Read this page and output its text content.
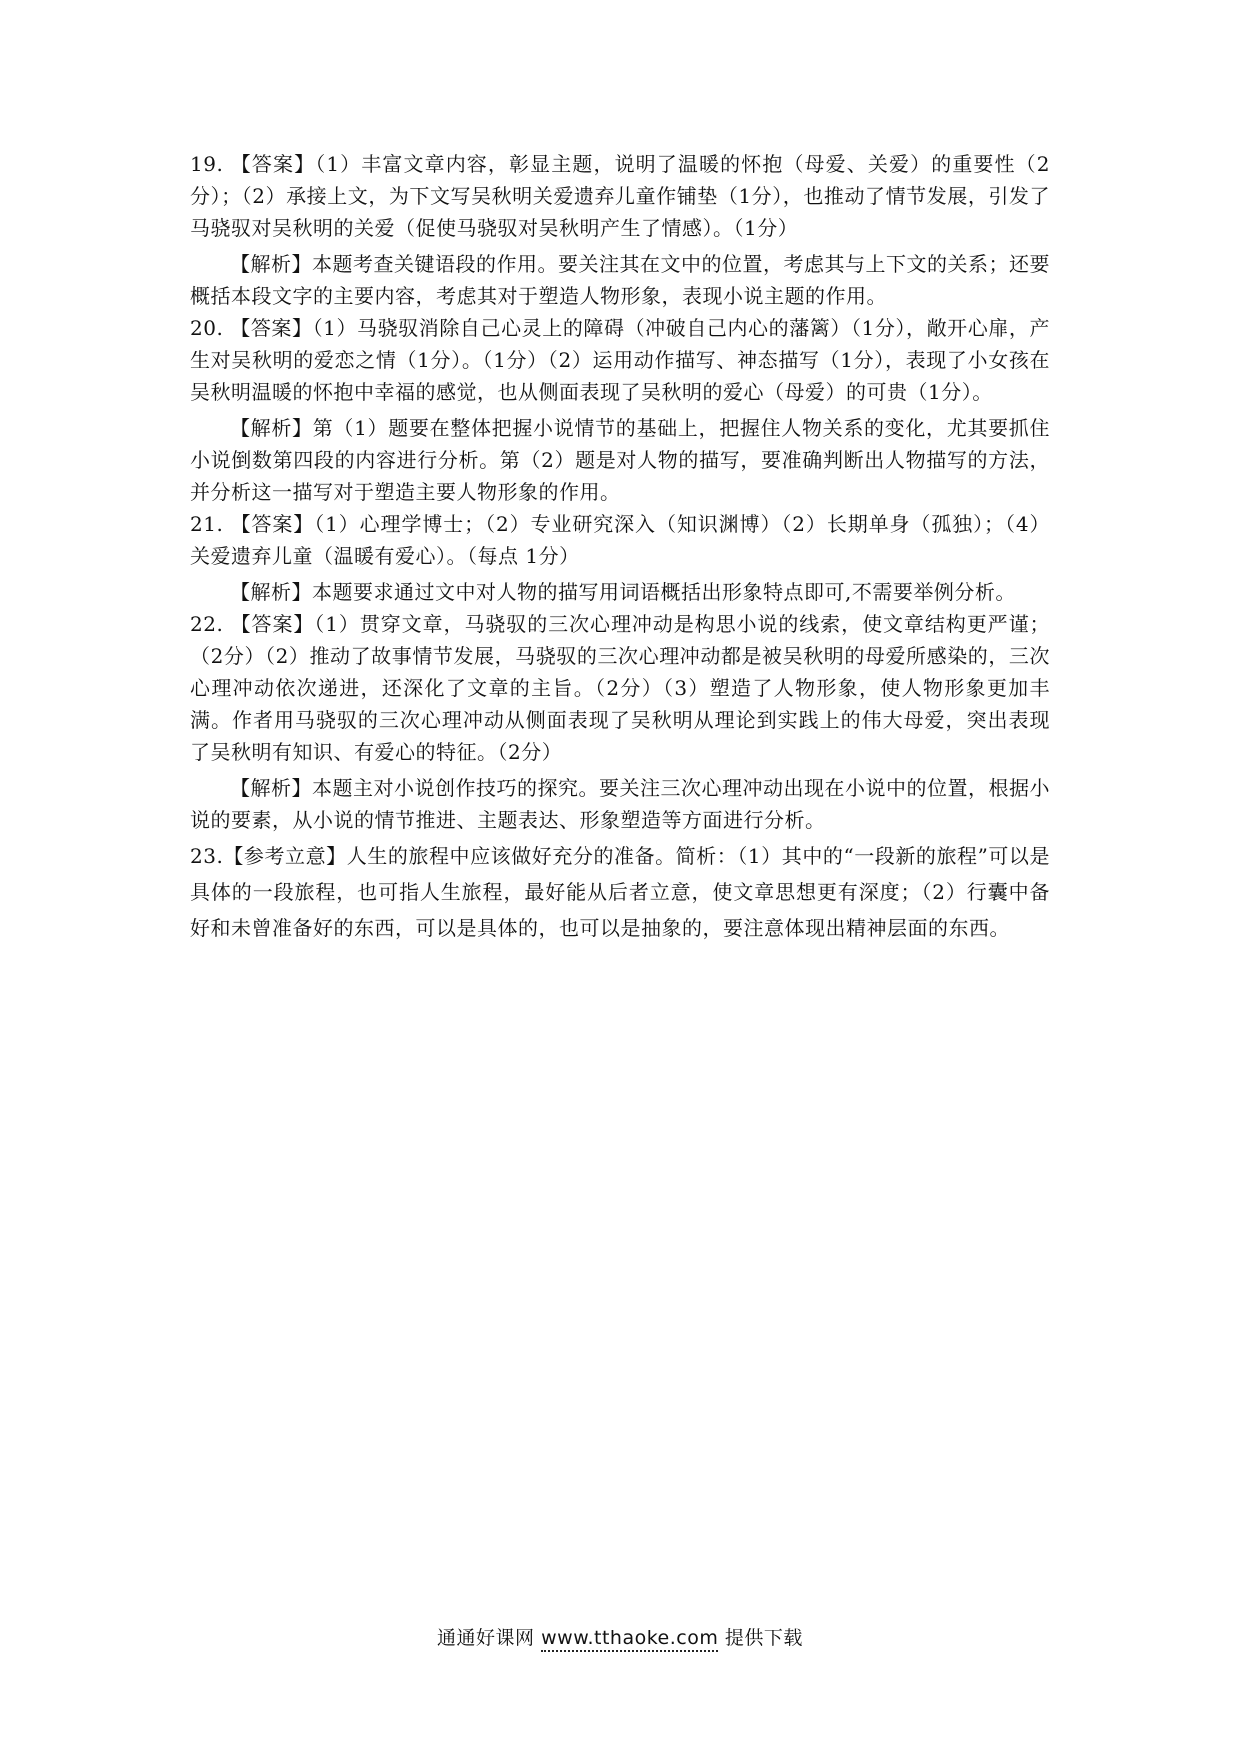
19. 【答案】（1）丰富文章内容，彰显主题，说明了温暖的怀抱（母爱、关爱）的重要性（2分）；（2）承接上文，为下文写吴秋明关爱遗弃儿童作铺垫（1分），也推动了情节发展，引发了马骁驭对吴秋明的关爱（促使马骁驭对吴秋明产生了情感）。（1分）

【解析】本题考查关键语段的作用。要关注其在文中的位置，考虑其与上下文的关系；还要概括本段文字的主要内容，考虑其对于塑造人物形象，表现小说主题的作用。

20. 【答案】（1）马骁驭消除自己心灵上的障碍（冲破自己内心的藩篱）（1分），敞开心扉，产生对吴秋明的爱恋之情（1分）。（1分）（2）运用动作描写、神态描写（1分），表现了小女孩在吴秋明温暖的怀抱中幸福的感觉，也从侧面表现了吴秋明的爱心（母爱）的可贵（1分）。

【解析】第（1）题要在整体把握小说情节的基础上，把握住人物关系的变化，尤其要抓住小说倒数第四段的内容进行分析。第（2）题是对人物的描写，要准确判断出人物描写的方法，并分析这一描写对于塑造主要人物形象的作用。

21. 【答案】（1）心理学博士；（2）专业研究深入（知识渊博）（2）长期单身（孤独）；（4）关爱遗弃儿童（温暖有爱心）。（每点 1分）

【解析】本题要求通过文中对人物的描写用词语概括出形象特点即可,不需要举例分析。

22. 【答案】（1）贯穿文章，马骁驭的三次心理冲动是构思小说的线索，使文章结构更严谨；（2分）（2）推动了故事情节发展，马骁驭的三次心理冲动都是被吴秋明的母爱所感染的，三次心理冲动依次递进，还深化了文章的主旨。（2分）（3）塑造了人物形象，使人物形象更加丰满。作者用马骁驭的三次心理冲动从侧面表现了吴秋明从理论到实践上的伟大母爱，突出表现了吴秋明有知识、有爱心的特征。（2分）

【解析】本题主对小说创作技巧的探究。要关注三次心理冲动出现在小说中的位置，根据小说的要素，从小说的情节推进、主题表达、形象塑造等方面进行分析。

23.【参考立意】人生的旅程中应该做好充分的准备。简析：（1）其中的“一段新的旅程”可以是具体的一段旅程，也可指人生旅程，最好能从后者立意，使文章思想更有深度；（2）行囊中备好和未曾准备好的东西，可以是具体的，也可以是抽象的，要注意体现出精神层面的东西。

通通好课网 www.tthaoke.com 提供下载
